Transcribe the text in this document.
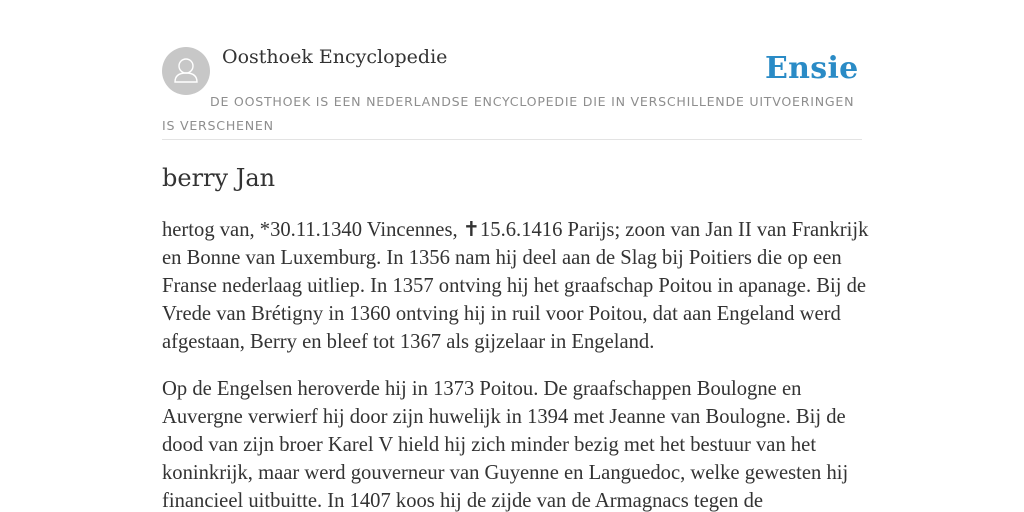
Oosthoek Encyclopedie	Ensie

DE OOSTHOEK IS EEN NEDERLANDSE ENCYCLOPEDIE DIE IN VERSCHILLENDE UITVOERINGEN IS VERSCHENEN

berry Jan

hertog van, *30.11.1340 Vincennes, ✝15.6.1416 Parijs; zoon van Jan II van Frankrijk en Bonne van Luxemburg. In 1356 nam hij deel aan de Slag bij Poitiers die op een Franse nederlaag uitliep. In 1357 ontving hij het graafschap Poitou in apanage. Bij de Vrede van Brétigny in 1360 ontving hij in ruil voor Poitou, dat aan Engeland werd afgestaan, Berry en bleef tot 1367 als gijzelaar in Engeland.

Op de Engelsen heroverde hij in 1373 Poitou. De graafschappen Boulogne en Auvergne verwierf hij door zijn huwelijk in 1394 met Jeanne van Boulogne. Bij de dood van zijn broer Karel V hield hij zich minder bezig met het bestuur van het koninkrijk, maar werd gouverneur van Guyenne en Languedoc, welke gewesten hij financieel uitbuitte. In 1407 koos hij de zijde van de Armagnacs tegen de
